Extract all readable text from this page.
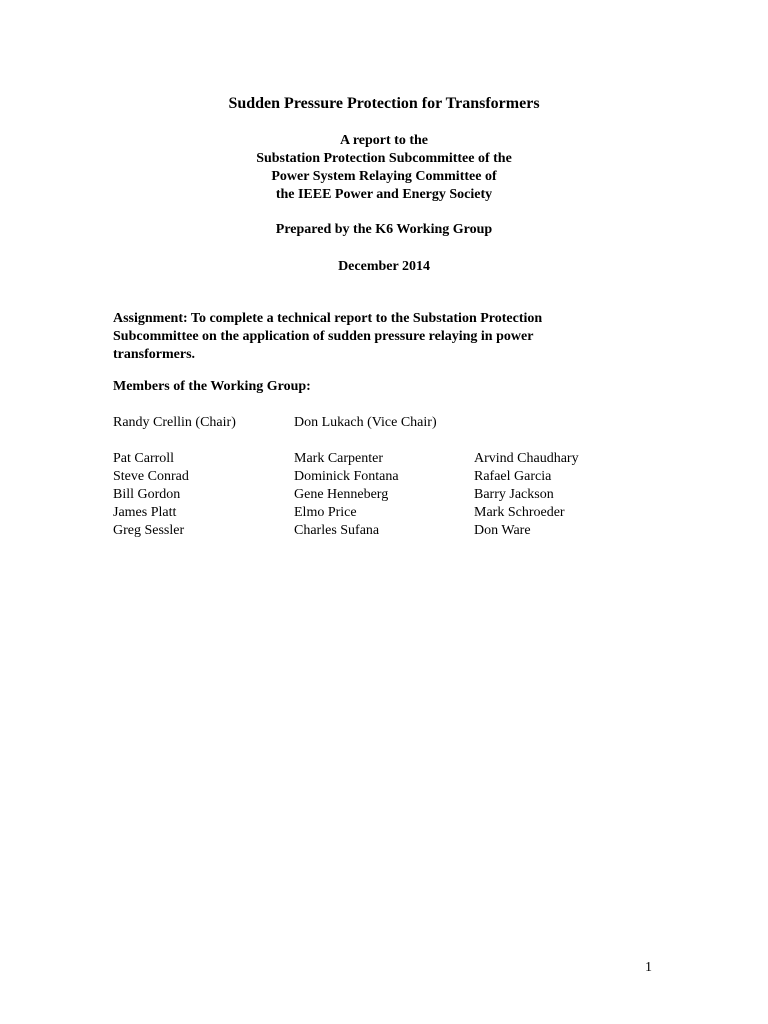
Sudden Pressure Protection for Transformers
A report to the
Substation Protection Subcommittee of the
Power System Relaying Committee of
the IEEE Power and Energy Society
Prepared by the K6 Working Group
December 2014
Assignment: To complete a technical report to the Substation Protection
Subcommittee on the application of sudden pressure relaying in power
transformers.
Members of the Working Group:
Randy Crellin (Chair)	Don Lukach (Vice Chair)
Pat Carroll	Mark Carpenter	Arvind Chaudhary
Steve Conrad	Dominick Fontana	Rafael Garcia
Bill Gordon	Gene Henneberg	Barry Jackson
James Platt	Elmo Price	Mark Schroeder
Greg Sessler	Charles Sufana	Don Ware
1
